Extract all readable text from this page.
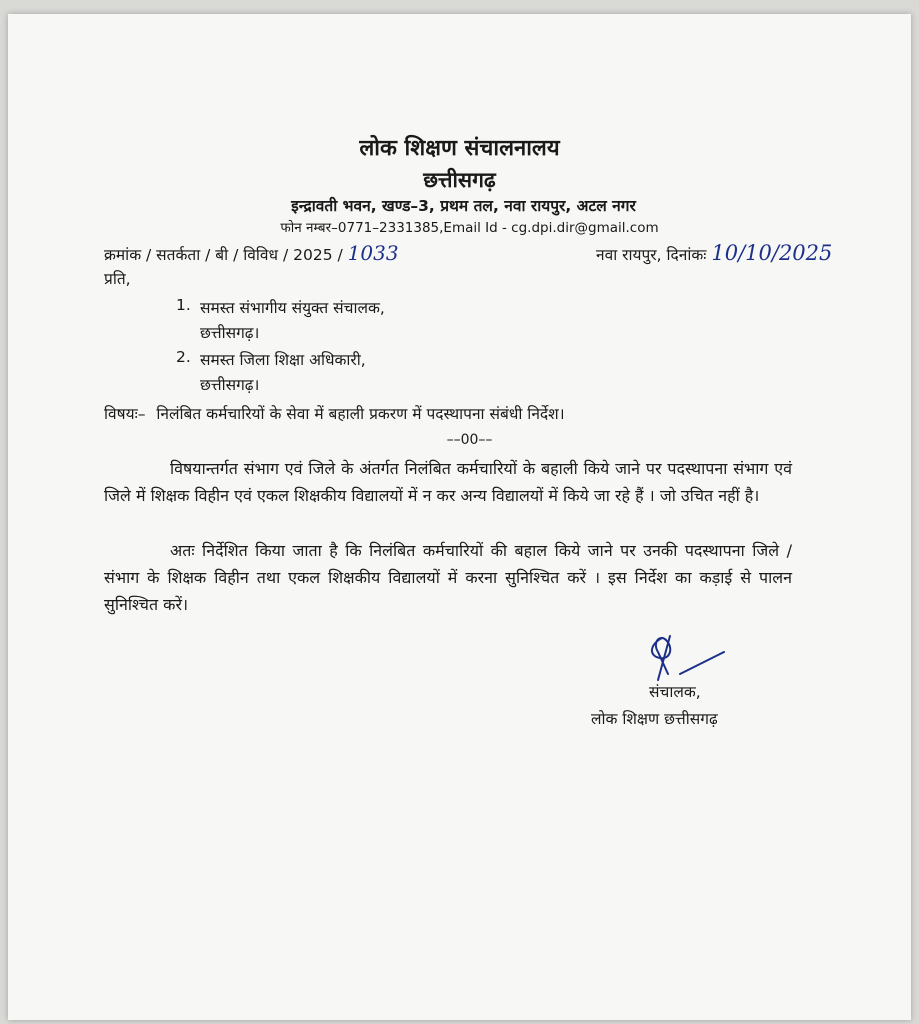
लोक शिक्षण संचालनालय
छत्तीसगढ़
इन्द्रावती भवन, खण्ड–3, प्रथम तल, नवा रायपुर, अटल नगर
फोन नम्बर–0771–2331385,Email Id - cg.dpi.dir@gmail.com
क्रमांक / सतर्कता / बी / विविध / 2025 / 1033	नवा रायपुर, दिनांकः 10/10/2025
प्रति,
1. समस्त संभागीय संयुक्त संचालक,
छत्तीसगढ़।
2. समस्त जिला शिक्षा अधिकारी,
छत्तीसगढ़।
विषयः– निलंबित कर्मचारियों के सेवा में बहाली प्रकरण में पदस्थापना संबंधी निर्देश।
––00––
विषयान्तर्गत संभाग एवं जिले के अंतर्गत निलंबित कर्मचारियों के बहाली किये जाने पर पदस्थापना संभाग एवं जिले में शिक्षक विहीन एवं एकल शिक्षकीय विद्यालयों में न कर अन्य विद्यालयों में किये जा रहे हैं । जो उचित नहीं है।
अतः निर्देशित किया जाता है कि निलंबित कर्मचारियों की बहाल किये जाने पर उनकी पदस्थापना जिले / संभाग के शिक्षक विहीन तथा एकल शिक्षकीय विद्यालयों में करना सुनिश्चित करें । इस निर्देश का कड़ाई से पालन सुनिश्चित करें।
संचालक,
लोक शिक्षण छत्तीसगढ़
